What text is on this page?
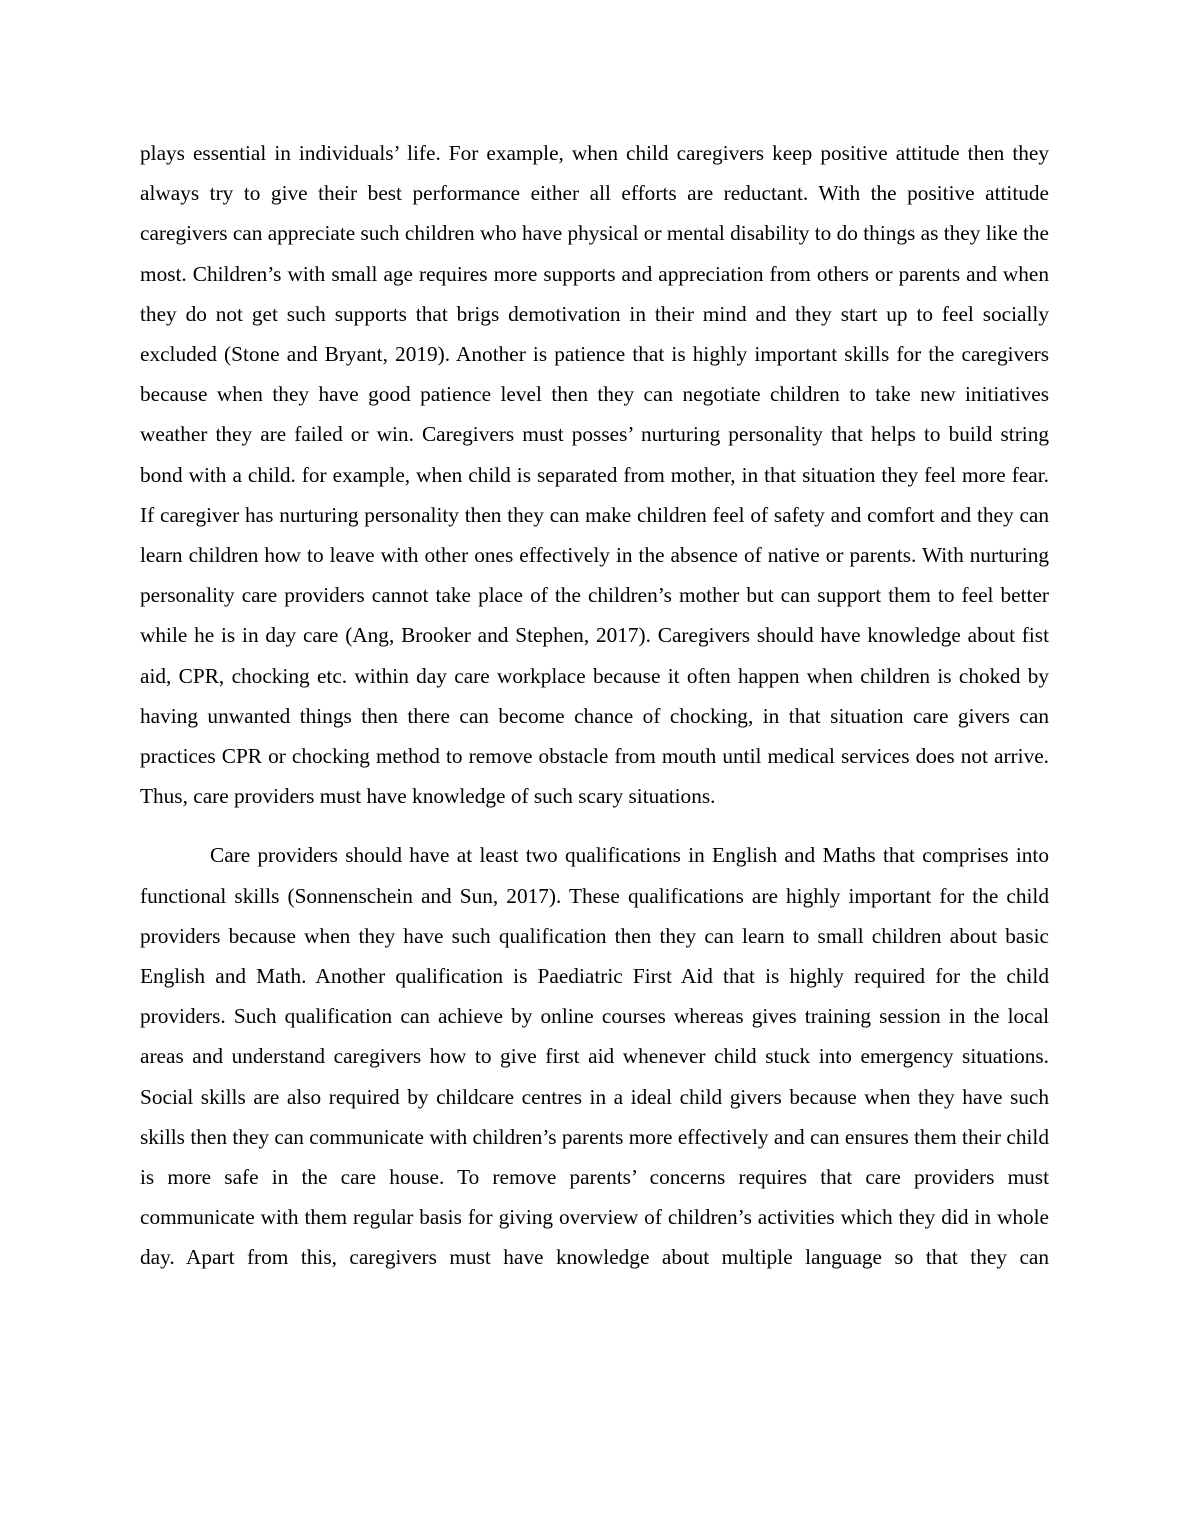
plays essential in individuals’ life. For example, when child caregivers keep positive attitude then they always try to give their best performance either all efforts are reductant. With the positive attitude caregivers can appreciate such children who have physical or mental disability to do things as they like the most. Children’s with small age requires more supports and appreciation from others or parents and when they do not get such supports that brigs demotivation in their mind and they start up to feel socially excluded (Stone and Bryant, 2019). Another is patience that is highly important skills for the caregivers because when they have good patience level then they can negotiate children to take new initiatives weather they are failed or win. Caregivers must posses’ nurturing personality that helps to build string bond with a child. for example, when child is separated from mother, in that situation they feel more fear. If caregiver has nurturing personality then they can make children feel of safety and comfort and they can learn children how to leave with other ones effectively in the absence of native or parents. With nurturing personality care providers cannot take place of the children’s mother but can support them to feel better while he is in day care (Ang, Brooker and Stephen, 2017). Caregivers should have knowledge about fist aid, CPR, chocking etc. within day care workplace because it often happen when children is choked by having unwanted things then there can become chance of chocking, in that situation care givers can practices CPR or chocking method to remove obstacle from mouth until medical services does not arrive. Thus, care providers must have knowledge of such scary situations.

Care providers should have at least two qualifications in English and Maths that comprises into functional skills (Sonnenschein and Sun, 2017). These qualifications are highly important for the child providers because when they have such qualification then they can learn to small children about basic English and Math. Another qualification is Paediatric First Aid that is highly required for the child providers. Such qualification can achieve by online courses whereas gives training session in the local areas and understand caregivers how to give first aid whenever child stuck into emergency situations. Social skills are also required by childcare centres in a ideal child givers because when they have such skills then they can communicate with children’s parents more effectively and can ensures them their child is more safe in the care house. To remove parents’ concerns requires that care providers must communicate with them regular basis for giving overview of children’s activities which they did in whole day. Apart from this, caregivers must have knowledge about multiple language so that they can
